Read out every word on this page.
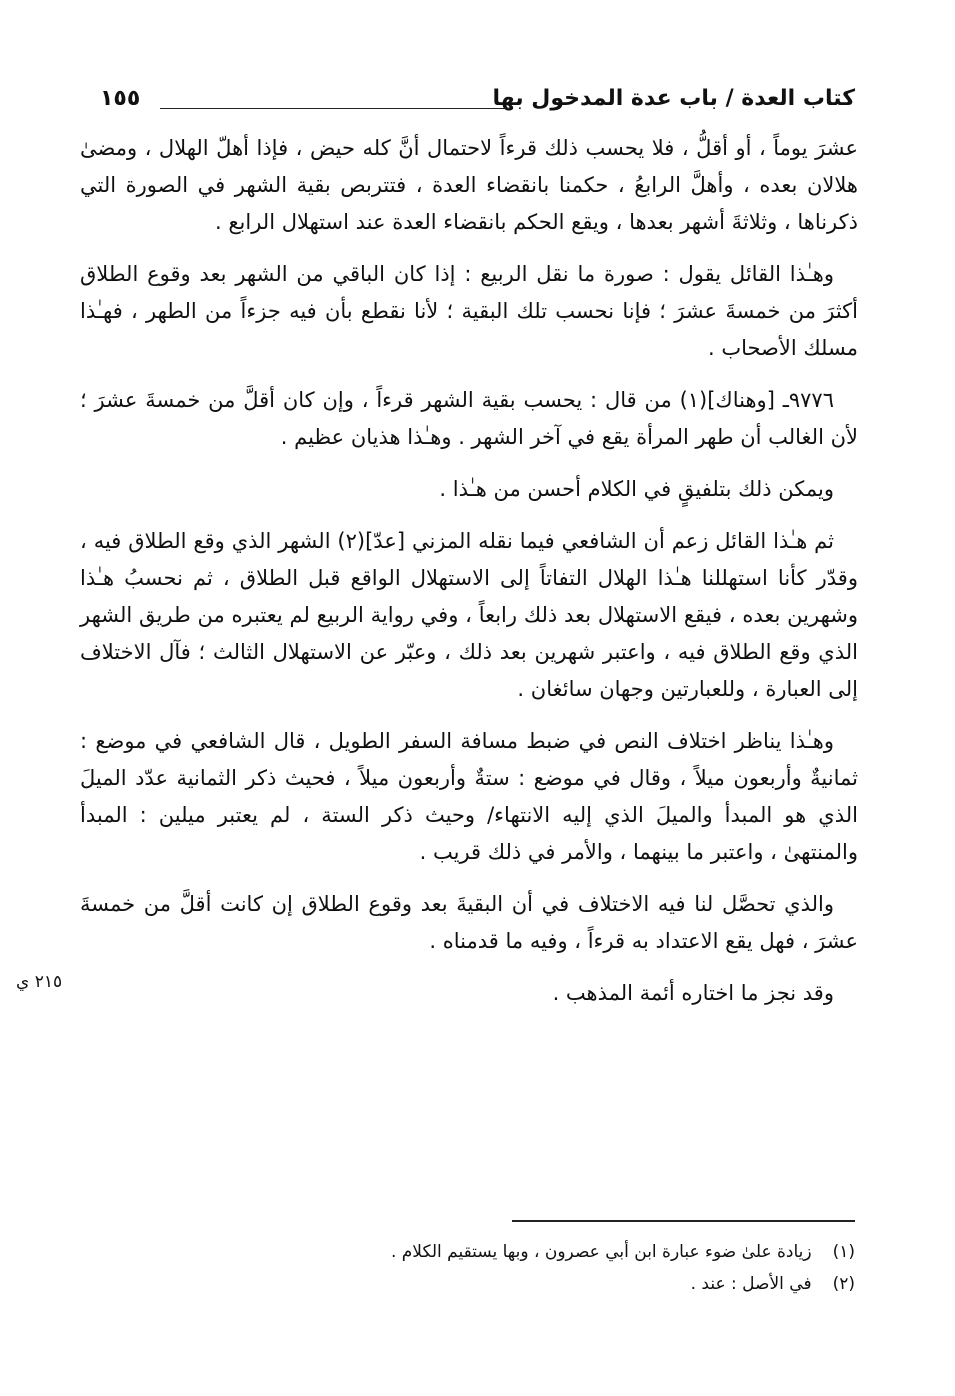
كتاب العدة / باب عدة المدخول بها
١٥٥

عشرَ يوماً ، أو أقلُّ ، فلا يحسب ذلك قرءاً لاحتمال أنَّ كله حيض ، فإذا أهلّ الهلال ، ومضىٰ هلالان بعده ، وأهلَّ الرابعُ ، حكمنا بانقضاء العدة ، فتتربص بقية الشهر في الصورة التي ذكرناها ، وثلاثةَ أشهر بعدها ، ويقع الحكم بانقضاء العدة عند استهلال الرابع .

وهـٰذا القائل يقول : صورة ما نقل الربيع : إذا كان الباقي من الشهر بعد وقوع الطلاق أكثرَ من خمسةَ عشرَ ؛ فإنا نحسب تلك البقية ؛ لأنا نقطع بأن فيه جزءاً من الطهر ، فهـٰذا مسلك الأصحاب .

٩٧٧٦ـ [وهناك](١) من قال : يحسب بقية الشهر قرءاً ، وإن كان أقلَّ من خمسةَ عشرَ ؛ لأن الغالب أن طهر المرأة يقع في آخر الشهر . وهـٰذا هذيان عظيم .

ويمكن ذلك بتلفيقٍ في الكلام أحسن من هـٰذا .

ثم هـٰذا القائل زعم أن الشافعي فيما نقله المزني [عدّ](٢) الشهر الذي وقع الطلاق فيه ، وقدّر كأنا استهللنا هـٰذا الهلال التفاتاً إلى الاستهلال الواقع قبل الطلاق ، ثم نحسبُ هـٰذا وشهرين بعده ، فيقع الاستهلال بعد ذلك رابعاً ، وفي رواية الربيع لم يعتبره من طريق الشهر الذي وقع الطلاق فيه ، واعتبر شهرين بعد ذلك ، وعبّر عن الاستهلال الثالث ؛ فآل الاختلاف إلى العبارة ، وللعبارتين وجهان سائغان .

وهـٰذا يناظر اختلاف النص في ضبط مسافة السفر الطويل ، قال الشافعي في موضع : ثمانيةٌ وأربعون ميلاً ، وقال في موضع : ستةٌ وأربعون ميلاً ، فحيث ذكر الثمانية عدّد الميلَ الذي هو المبدأ والميلَ الذي إليه الانتهاء/ وحيث ذكر الستة ، لم يعتبر ميلين : المبدأ والمنتهىٰ ، واعتبر ما بينهما ، والأمر في ذلك قريب .

والذي تحصَّل لنا فيه الاختلاف في أن البقيةَ بعد وقوع الطلاق إن كانت أقلَّ من خمسةَ عشرَ ، فهل يقع الاعتداد به قرءاً ، وفيه ما قدمناه .

وقد نجز ما اختاره أئمة المذهب .

٢١٥ ي
(١) زيادة علىٰ ضوء عبارة ابن أبي عصرون ، وبها يستقيم الكلام .
(٢) في الأصل : عند .
